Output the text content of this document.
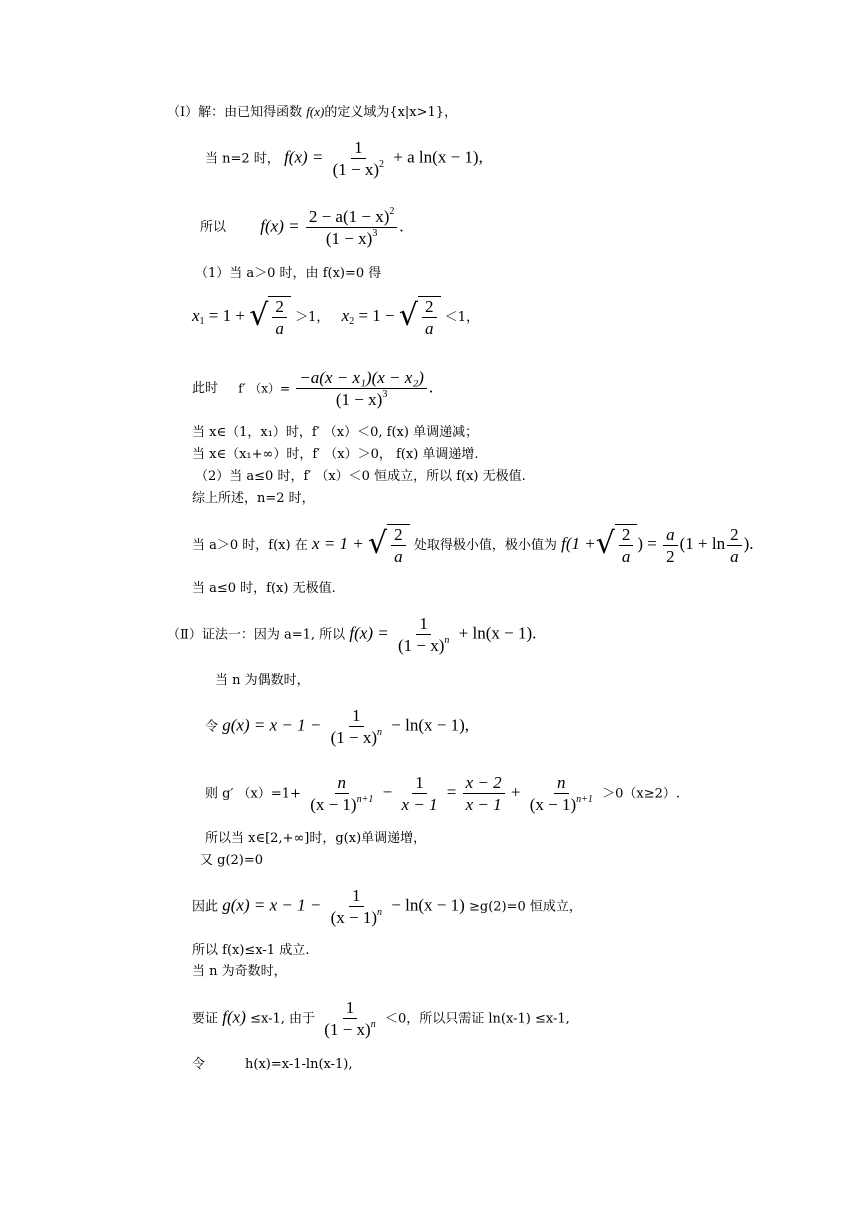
（Ⅰ）解：由已知得函数 f(x)的定义域为{x|x>1}，
当 n=2 时， $f(x) = \frac{1}{(1 - x)^2} + a$ ln(x − 1),
所以 $f(x) = \frac{2 - a(1 - x)^2}{(1 - x)^3}$ .
（1）当 a＞0 时，由 f(x)=0 得
$x_1 = 1$ + √ $\frac{2}{a} >1$， $x_2 = 1$ − √ $\frac{2}{a} <1$，
此时 f′ $(x)= \frac{\text{−a(x − x₁)(x − x₂)}}{(1 - x)^3}$ .
当 x∈（1，x₁）时，f′ （x）＜0, f(x) 单调递减；
当 x∈（x₁+∞）时，f′ （x）＞0， f(x) 单调递增.
（2）当 a≤0 时，f′ （x）＜0 恒成立，所以 f(x) 无极值.
综上所述，n=2 时，
当 a＞0 时，f(x) 在 x = 1 + √ $\frac{2}{a}$ 处取得极小值，极小值为 f(1 + √ $\frac{2}{a}$ ) = $\frac{a}{2} (1 + \ln \frac{2}{a}$ ).
当 a≤0 时，f(x) 无极值.
（Ⅱ）证法一：因为 a=1, 所以 $f(x) = \frac{1}{(1 - x)^n} + \ln(x - 1)$.
当 n 为偶数时，
令 $g(x) = x - 1 - \frac{1}{(1 - x)^n} - \ln(x - 1)$,
则 g′ $(x)=1+ \frac{n}{(x - 1)^{n+1}} - \frac{1}{x - 1} = \frac{x - 2}{x - 1} + \frac{n}{(x - 1)^{n+1}} >0(x\ge 2)$.
所以当 x∈[2,+∞]时，g(x)单调递增，
又 g(2)=0
因此 $g(x) = x - 1 - \frac{1}{(x - 1)^n} - \ln(x - 1) \ge g(2)=0$ 恒成立，
所以 f(x)≤x-1 成立.
当 n 为奇数时，
要证 f(x) ≤x-1, 由于 $\frac{1}{(1 - x)^n} <0$，所以只需证 ln(x-1) ≤x-1,
令	h(x)=x-1-ln(x-1),
